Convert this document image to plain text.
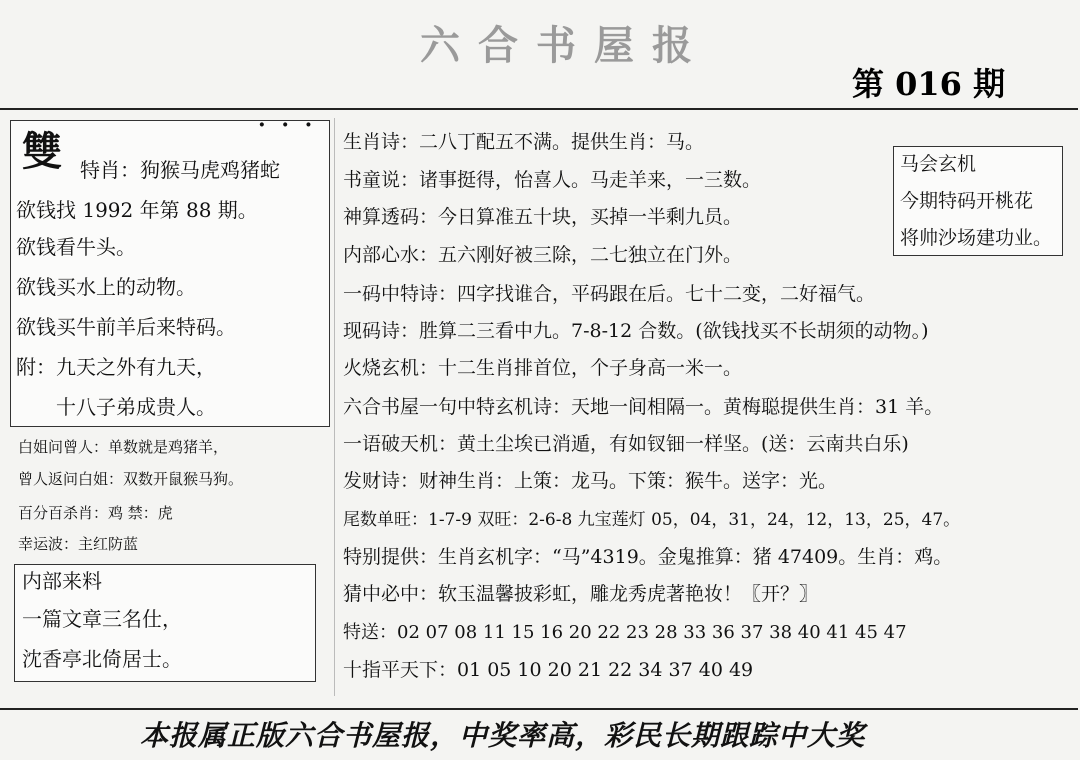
六合书屋报
第 016 期
· · ·
雙 特肖：狗猴马虎鸡猪蛇
欲钱找 1992 年第 88 期。
欲钱看牛头。
欲钱买水上的动物。
欲钱买牛前羊后来特码。
附：九天之外有九天，
　　十八子弟成贵人。
白姐问曾人：单数就是鸡猪羊，
曾人返问白姐：双数开鼠猴马狗。
百分百杀肖：鸡 禁：虎
幸运波：主红防蓝
内部来料
一篇文章三名仕，
沈香亭北倚居士。
生肖诗：二八丁配五不满。提供生肖：马。
书童说：诸事挺得，怡喜人。马走羊来，一三数。
神算透码：今日算准五十块，买掉一半剩九员。
内部心水：五六刚好被三除，二七独立在门外。
一码中特诗：四字找谁合，平码跟在后。七十二变，二好福气。
现码诗：胜算二三看中九。7-8-12 合数。(欲钱找买不长胡须的动物。)
火烧玄机：十二生肖排首位，个子身高一米一。
六合书屋一句中特玄机诗：天地一间相隔一。黄梅聪提供生肖：31 羊。
一语破天机：黄土尘埃已消遁，有如钗钿一样坚。(送：云南共白乐)
发财诗：财神生肖：上策：龙马。下策：猴牛。送字：光。
尾数单旺：1-7-9 双旺：2-6-8 九宝莲灯 05，04，31，24，12，13，25，47。
特别提供：生肖玄机字：“马”4319。金鬼推算：猪 47409。生肖：鸡。
猜中必中：软玉温馨披彩虹，雕龙秀虎著艳妆！〖开？〗
特送：02 07 08 11 15 16 20 22 23 28 33 36 37 38 40 41 45 47
十指平天下：01 05 10 20 21 22 34 37 40 49
马会玄机
今期特码开桃花
将帅沙场建功业。
本报属正版六合书屋报，中奖率高，彩民长期跟踪中大奖
